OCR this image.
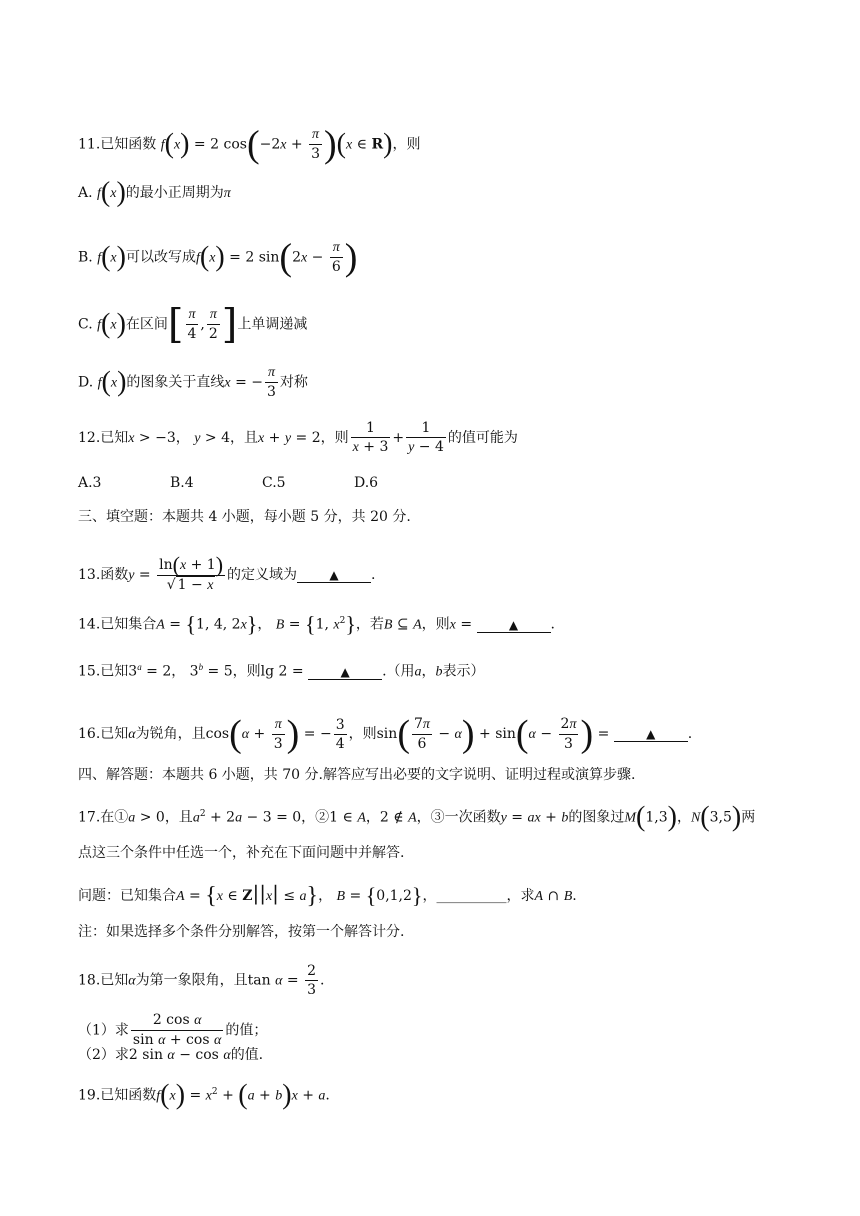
11.已知函数 f(x) = 2 $\cos(-2x + \frac{\pi}{3} )(x$ ∈ R)，则
A. f(x)的最小正周期为π
B. f(x)可以改写成f(x) = 2 $\sin(2x - \frac{\pi}{6}$ )
C. f(x)在区间[ $\frac{\pi}{4}$ , $\frac{\pi}{2}$ ]上单调递减
D. f(x)的图象关于直线x = − $\frac{\pi}{3}$ 对称
12.已知x > −3， y > 4，且x + y = 2，则 $\frac{1}{x + 3} + \frac{1}{y - 4}$ 的值可能为
A.3	B.4	C.5	D.6
三、填空题：本题共 4 小题，每小题 5 分，共 20 分.
13.函数$y = \frac{\ln(x + 1)}{√ 1 - x}$ 的定义域为	▲ .
14.已知集合A = {1, 4, 2x}， B = {1, $x^2$}，若B ⊆ A，则x =	▲ .
15.已知$3^a = 2$， $3^b = 5$，则lg 2 =	▲ .（用a，b表示）
16.已知α为锐角，且$\cos(\alpha + \frac{\pi}{3}$ ) = − $\frac{3}{4}$ ，则$\sin( \frac{7\pi}{6} - \alpha) + \sin(\alpha - \frac{2\pi}{3}$ ) =	▲ .
四、解答题：本题共 6 小题，共 70 分.解答应写出必要的文字说明、证明过程或演算步骤.
17.在①a > 0，且$a^2 + 2a - 3 = 0$，②1 ∈ A，2 ∉ A，③一次函数y = ax + b的图象过M(1,3)，N(3,5)两
点这三个条件中任选一个，补充在下面问题中并解答.
问题：已知集合A = {x ∈ Z||x| ≤ a}， B = {0,1,2}，__________，求A ∩ B.
注：如果选择多个条件分别解答，按第一个解答计分.
18.已知α为第一象限角，且$\tan \alpha = \frac{2}{3}$ .
（1）求 $\frac{\text{2 cos α}}{\text{sin α + cos α}}$ 的值；
（2）求2 sin α − cos α的值.
19.已知函数$f(x) = x^2 + (a + b)x + a$.
